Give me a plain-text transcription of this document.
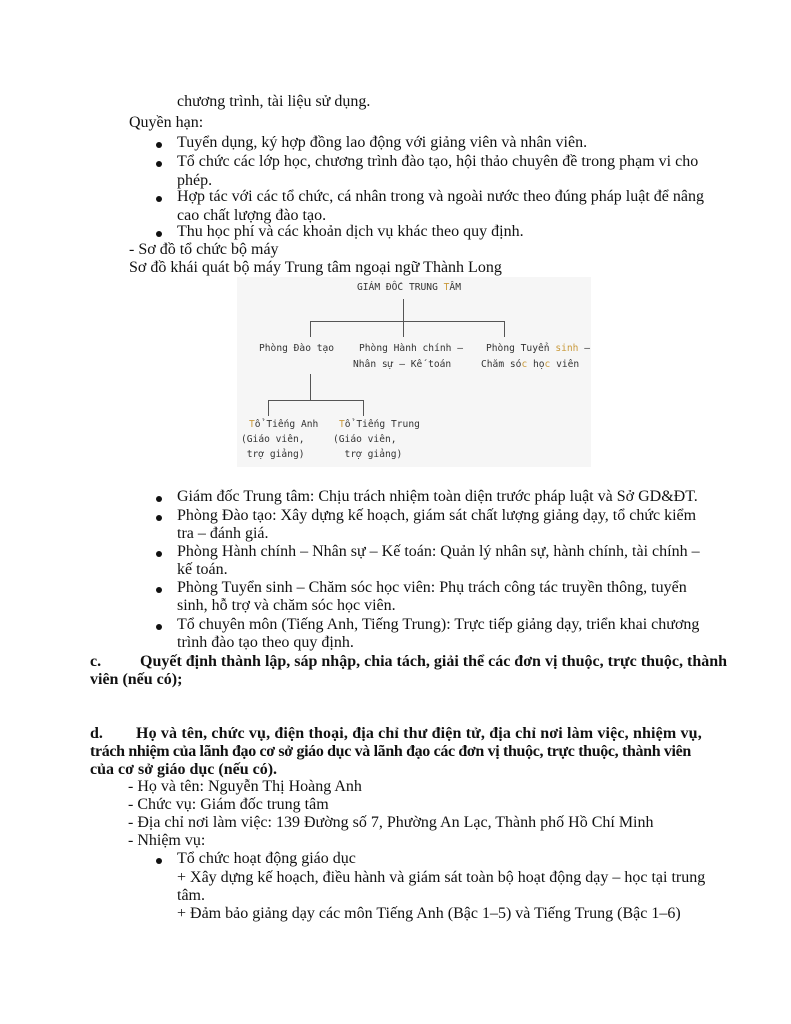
chương trình, tài liệu sử dụng.
Quyền hạn:
Tuyển dụng, ký hợp đồng lao động với giảng viên và nhân viên.
Tổ chức các lớp học, chương trình đào tạo, hội thảo chuyên đề trong phạm vi cho
phép.
Hợp tác với các tổ chức, cá nhân trong và ngoài nước theo đúng pháp luật để nâng
cao chất lượng đào tạo.
Thu học phí và các khoản dịch vụ khác theo quy định.
- Sơ đồ tổ chức bộ máy
Sơ đồ khái quát bộ máy Trung tâm ngoại ngữ Thành Long
GIÁM ĐỐC TRUNG TÂM
Phòng Đào tạo	Phòng Hành chính –
Nhân sự – Kế toán
Phòng Tuyển sinh –
Chăm sóc học viên
Tổ Tiếng Anh
(Giáo viên,
trợ giảng)
Tổ Tiếng Trung
(Giáo viên,
trợ giảng)
Giám đốc Trung tâm: Chịu trách nhiệm toàn diện trước pháp luật và Sở GD&ĐT.
Phòng Đào tạo: Xây dựng kế hoạch, giám sát chất lượng giảng dạy, tổ chức kiểm
tra – đánh giá.
Phòng Hành chính – Nhân sự – Kế toán: Quản lý nhân sự, hành chính, tài chính –
kế toán.
Phòng Tuyển sinh – Chăm sóc học viên: Phụ trách công tác truyền thông, tuyển
sinh, hỗ trợ và chăm sóc học viên.
Tổ chuyên môn (Tiếng Anh, Tiếng Trung): Trực tiếp giảng dạy, triển khai chương
trình đào tạo theo quy định.
c. Quyết định thành lập, sáp nhập, chia tách, giải thể các đơn vị thuộc, trực thuộc, thành
viên (nếu có);
d. Họ và tên, chức vụ, điện thoại, địa chỉ thư điện tử, địa chỉ nơi làm việc, nhiệm vụ,
trách nhiệm của lãnh đạo cơ sở giáo dục và lãnh đạo các đơn vị thuộc, trực thuộc, thành viên
của cơ sở giáo dục (nếu có).
- Họ và tên: Nguyễn Thị Hoàng Anh
- Chức vụ: Giám đốc trung tâm
- Địa chỉ nơi làm việc: 139 Đường số 7, Phường An Lạc, Thành phố Hồ Chí Minh
- Nhiệm vụ:
Tổ chức hoạt động giáo dục
+ Xây dựng kế hoạch, điều hành và giám sát toàn bộ hoạt động dạy – học tại trung
tâm.
+ Đảm bảo giảng dạy các môn Tiếng Anh (Bậc 1–5) và Tiếng Trung (Bậc 1–6)
